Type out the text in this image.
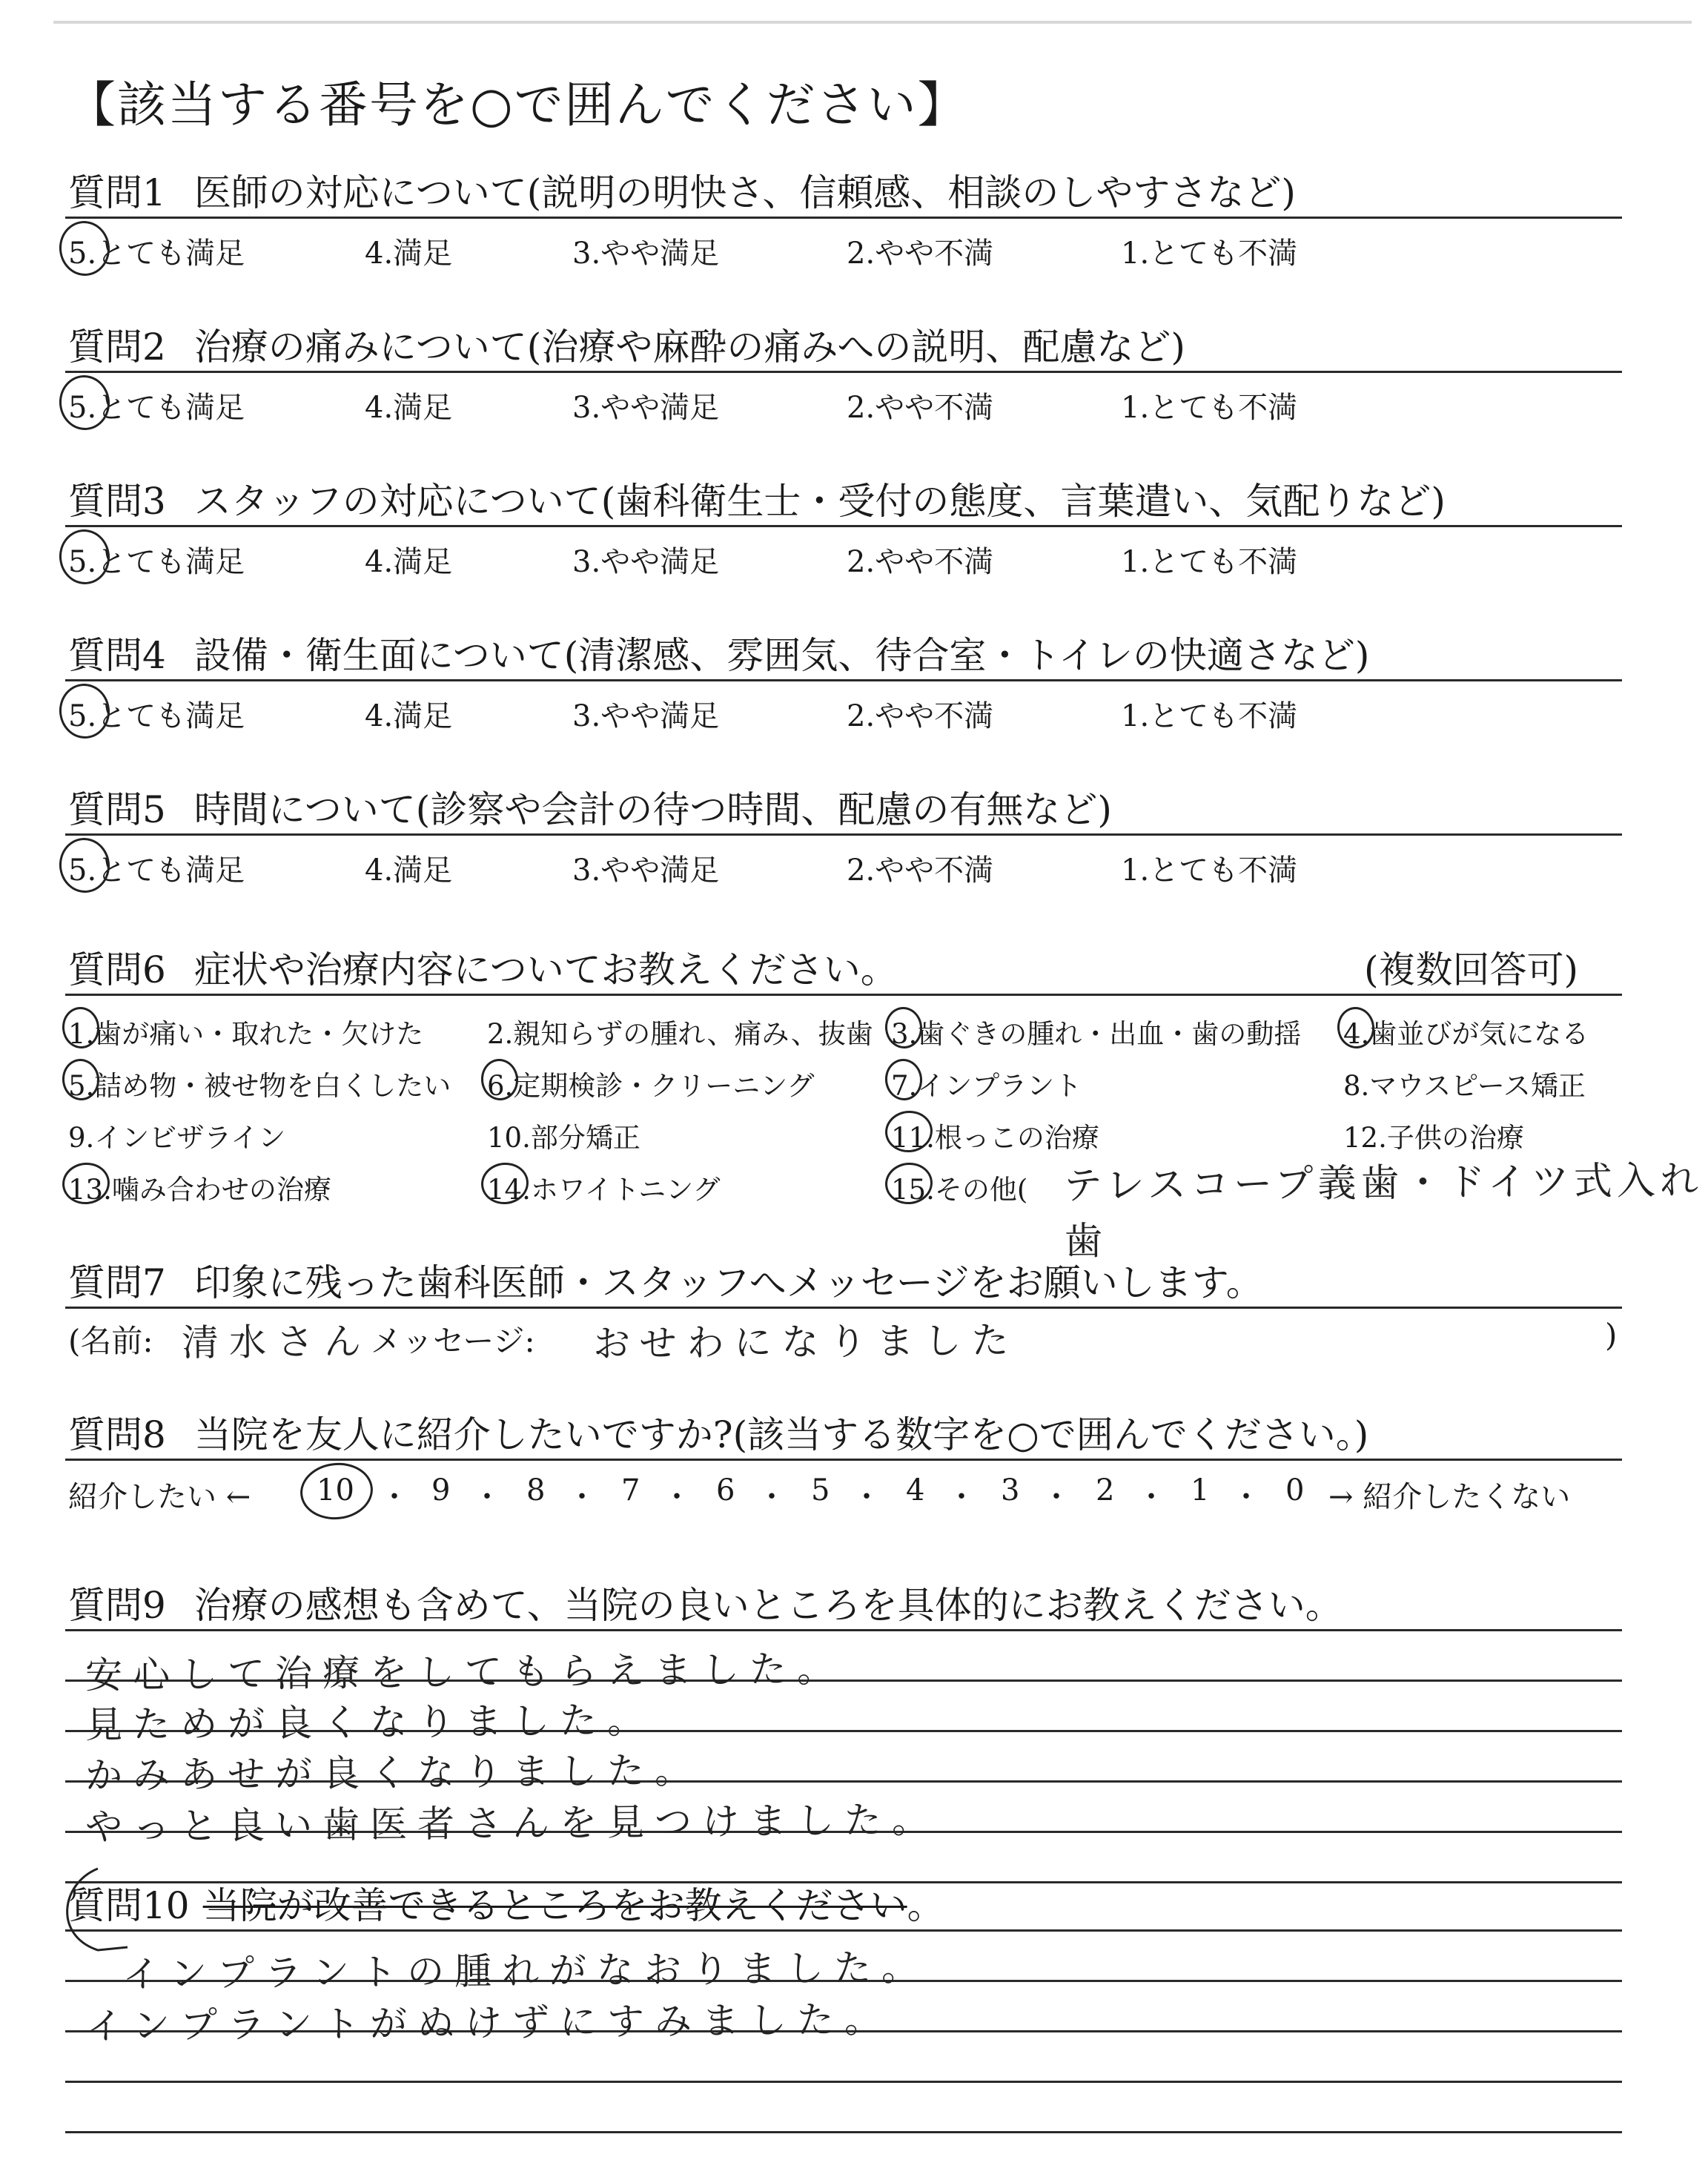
【該当する番号を○で囲んでください】
質問1 医師の対応について(説明の明快さ、信頼感、相談のしやすさなど)
5.とても満足	4.満足	3.やや満足	2.やや不満	1.とても不満
質問2 治療の痛みについて(治療や麻酔の痛みへの説明、配慮など)
5.とても満足	4.満足	3.やや満足	2.やや不満	1.とても不満
質問3 スタッフの対応について(歯科衛生士・受付の態度、言葉遣い、気配りなど)
5.とても満足	4.満足	3.やや満足	2.やや不満	1.とても不満
質問4 設備・衛生面について(清潔感、雰囲気、待合室・トイレの快適さなど)
5.とても満足	4.満足	3.やや満足	2.やや不満	1.とても不満
質問5 時間について(診察や会計の待つ時間、配慮の有無など)
5.とても満足	4.満足	3.やや満足	2.やや不満	1.とても不満
質問6 症状や治療内容についてお教えください。	(複数回答可)
1.歯が痛い・取れた・欠けた 2.親知らずの腫れ、痛み、抜歯 3.歯ぐきの腫れ・出血・歯の動揺 4.歯並びが気になる
5.詰め物・被せ物を白くしたい 6.定期検診・クリーニング	7.インプラント	8.マウスピース矯正
9.インビザライン	10.部分矯正	11.根っこの治療	12.子供の治療
13.噛み合わせの治療	14.ホワイトニング	15.その他( テレスコープ義歯・ドイツ式入れ歯
質問7 印象に残った歯科医師・スタッフへメッセージをお願いします。
(名前: 清水さん
メッセージ: おせわになりました	)
質問8 当院を友人に紹介したいですか?(該当する数字を○で囲んでください。)
紹介したい ← 10 ・ 9 ・ 8 ・ 7 ・ 6 ・ 5 ・ 4 ・ 3 ・ 2 ・ 1 ・ 0 → 紹介したくない
質問9 治療の感想も含めて、当院の良いところを具体的にお教えください。
安心して治療をしてもらえました。
見ためが良くなりました。
かみあせが良くなりました。
やっと良い歯医者さんを見つけました。
質問10 当院が改善できるところをお教えください。
インプラントの腫れがなおりました。
インプラントがぬけずにすみました。
